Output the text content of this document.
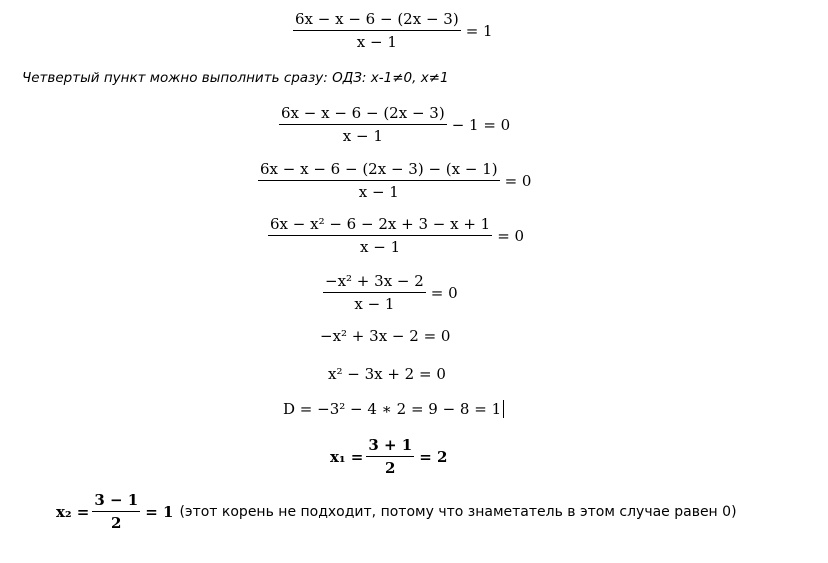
$\frac{6x - x - 6 - (2x - 3)}{x - 1} = 1$
Четвертый пункт можно выполнить сразу: ОДЗ: x-1≠0, x≠1
$\frac{6x - x - 6 - (2x - 3)}{x - 1} - 1 = 0$
$\frac{6x - x - 6 - (2x - 3) - (x - 1)}{x - 1} = 0$
$\frac{\text{6x − x² − 6 − 2x + 3 − x + 1}}{x - 1} = 0$
$\frac{\text{−x² + 3x − 2}}{x - 1} = 0$
−x² + 3x − 2 = 0
x² − 3x + 2 = 0
D = −3² − 4 ∗ 2 = 9 − 8 = 1
$x_1 = \frac{3 + 1}{2} = 2$
$x_2 = \frac{3 - 1}{2} = 1$ (этот корень не подходит, потому что знаметатель в этом случае равен 0)
